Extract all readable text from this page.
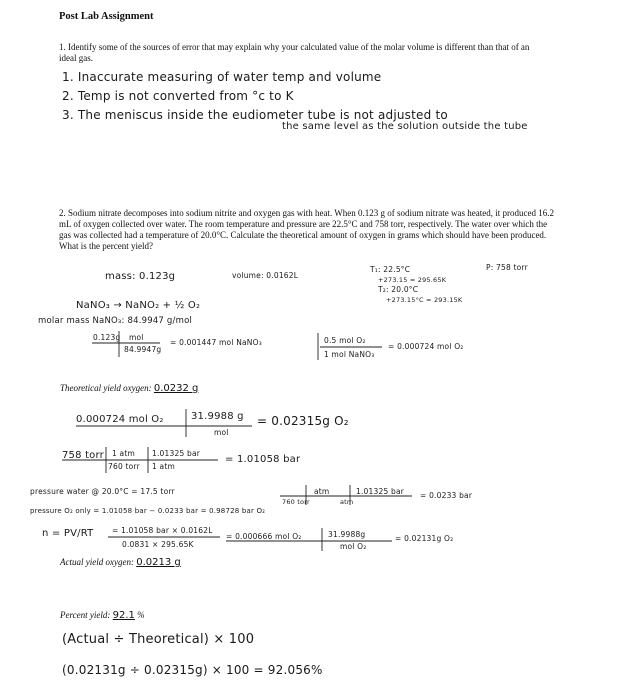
Post Lab Assignment
1. Identify some of the sources of error that may explain why your calculated value of the molar volume is different than that of an ideal gas.
1. Inaccurate measuring of water temp and volume
2. Temp is not converted from °c to K
3. The meniscus inside the eudiometer tube is not adjusted to
the same level as the solution outside the tube
2. Sodium nitrate decomposes into sodium nitrite and oxygen gas with heat. When 0.123 g of sodium nitrate was heated, it produced 16.2 mL of oxygen collected over water. The room temperature and pressure are 22.5°C and 758 torr, respectively. The water over which the gas was collected had a temperature of 20.0°C. Calculate the theoretical amount of oxygen in grams which should have been produced. What is the percent yield?
mass: 0.123g	volume: 0.0162L
T₁: 22.5°C
+273.15 = 295.65K
P: 758 torr
T₂: 20.0°C
+273.15°C = 293.15K
NaNO₃ → NaNO₂ + ½ O₂
molar mass NaNO₃: 84.9947 g/mol
0.123g mol
84.9947g
= 0.001447 mol NaNO₃	0.5 mol O₂
1 mol NaNO₃
= 0.000724 mol O₂
Theoretical yield oxygen: 0.0232 g
0.000724 mol O₂	31.9988 g
mol
= 0.02315g O₂
758 torr 1 atm
760 torr
1.01325 bar
1 atm
= 1.01058 bar
pressure water @ 20.0°C = 17.5 torr	atm	1.01325 bar = 0.0233 bar
760 torr	atm
pressure O₂ only = 1.01058 bar − 0.0233 bar = 0.98728 bar O₂
n = PV/RT = 1.01058 bar × 0.0162L
0.0831 × 295.65K
= 0.000666 mol O₂	31.9988g
mol O₂
= 0.02131g O₂
Actual yield oxygen: 0.0213 g
Percent yield: 92.1 %
(Actual ÷ Theoretical) × 100
(0.02131g ÷ 0.02315g) × 100 = 92.056%
